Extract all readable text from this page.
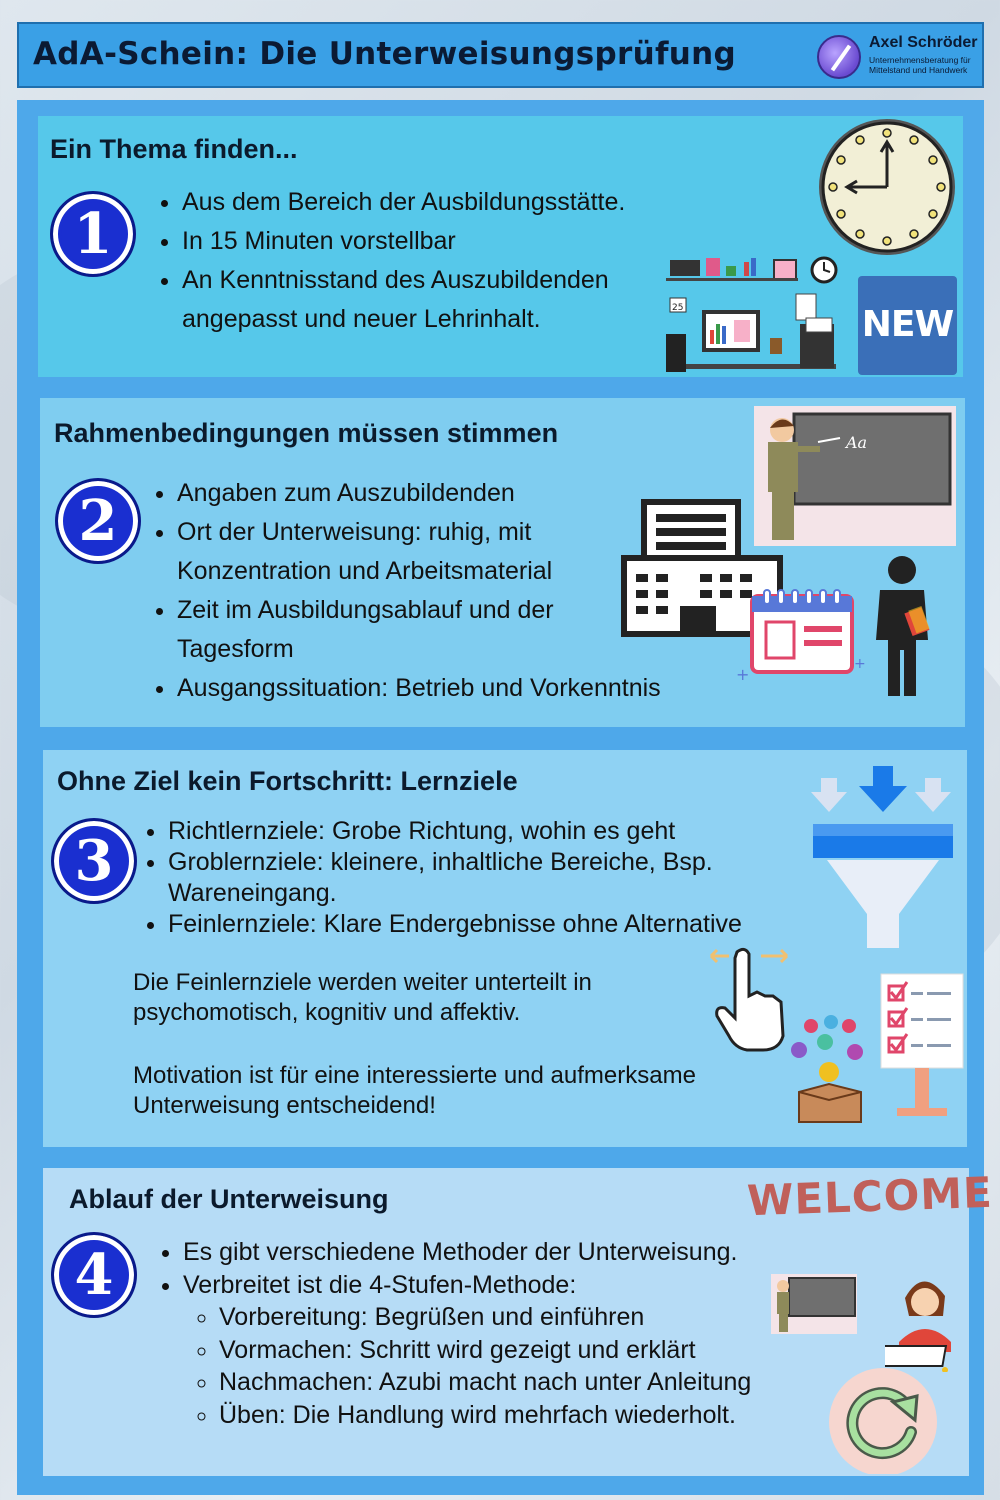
AdA-Schein: Die Unterweisungsprüfung	Axel Schröder
Unternehmensberatung für Mittelstand und Handwerk
Ein Thema finden...
1	• Aus dem Bereich der Ausbildungsstätte.
• In 15 Minuten vorstellbar
• An Kenntnisstand des Auszubildenden angepasst und neuer Lehrinhalt.	25	NEW
Rahmenbedingungen müssen stimmen
2	• Angaben zum Auszubildenden
• Ort der Unterweisung: ruhig, mit Konzentration und Arbeitsmaterial
• Zeit im Ausbildungsablauf und der Tagesform
• Ausgangssituation: Betrieb und Vorkenntnis
Aa
+
+
Ohne Ziel kein Fortschritt: Lernziele
3	• Richtlernziele: Grobe Richtung, wohin es geht
• Groblernziele: kleinere, inhaltliche Bereiche, Bsp. Wareneingang.
• Feinlernziele: Klare Endergebnisse ohne Alternative
Die Feinlernziele werden weiter unterteilt in psychomotisch, kognitiv und affektiv.
Motivation ist für eine interessierte und aufmerksame Unterweisung entscheidend!
Ablauf der Unterweisung	WELCOME
4	• Es gibt verschiedene Methoder der Unterweisung.
• Verbreitet ist die 4-Stufen-Methode:
◦ Vorbereitung: Begrüßen und einführen
◦ Vormachen: Schritt wird gezeigt und erklärt
◦ Nachmachen: Azubi macht nach unter Anleitung
◦ Üben: Die Handlung wird mehrfach wiederholt.
